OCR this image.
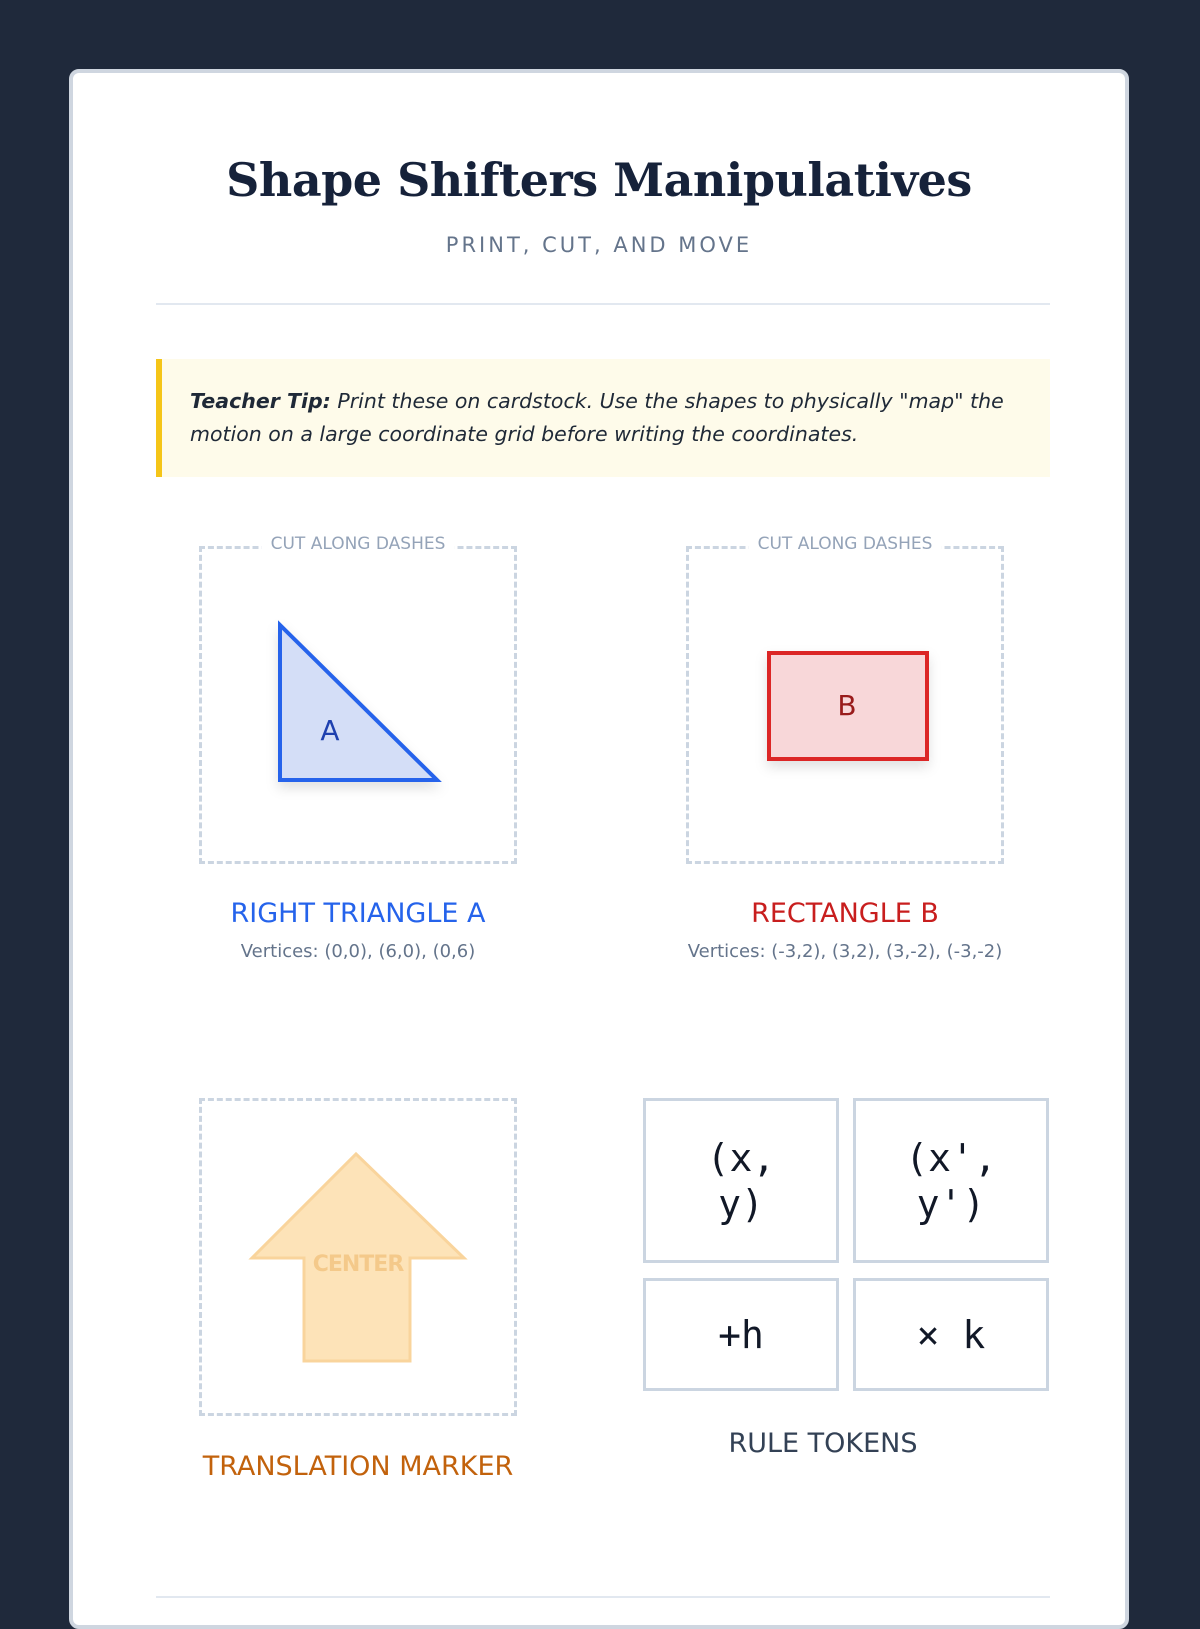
Shape Shifters Manipulatives
PRINT, CUT, AND MOVE
Teacher Tip: Print these on cardstock. Use the shapes to physically "map" the motion on a large coordinate grid before writing the coordinates.
CUT ALONG DASHES
A
RIGHT TRIANGLE A
Vertices: (0,0), (6,0), (0,6)
CUT ALONG DASHES
B
RECTANGLE B
Vertices: (-3,2), (3,2), (3,-2), (-3,-2)
CENTER
TRANSLATION MARKER
(x,
y)
(x',
y')
+h	× k
RULE TOKENS
